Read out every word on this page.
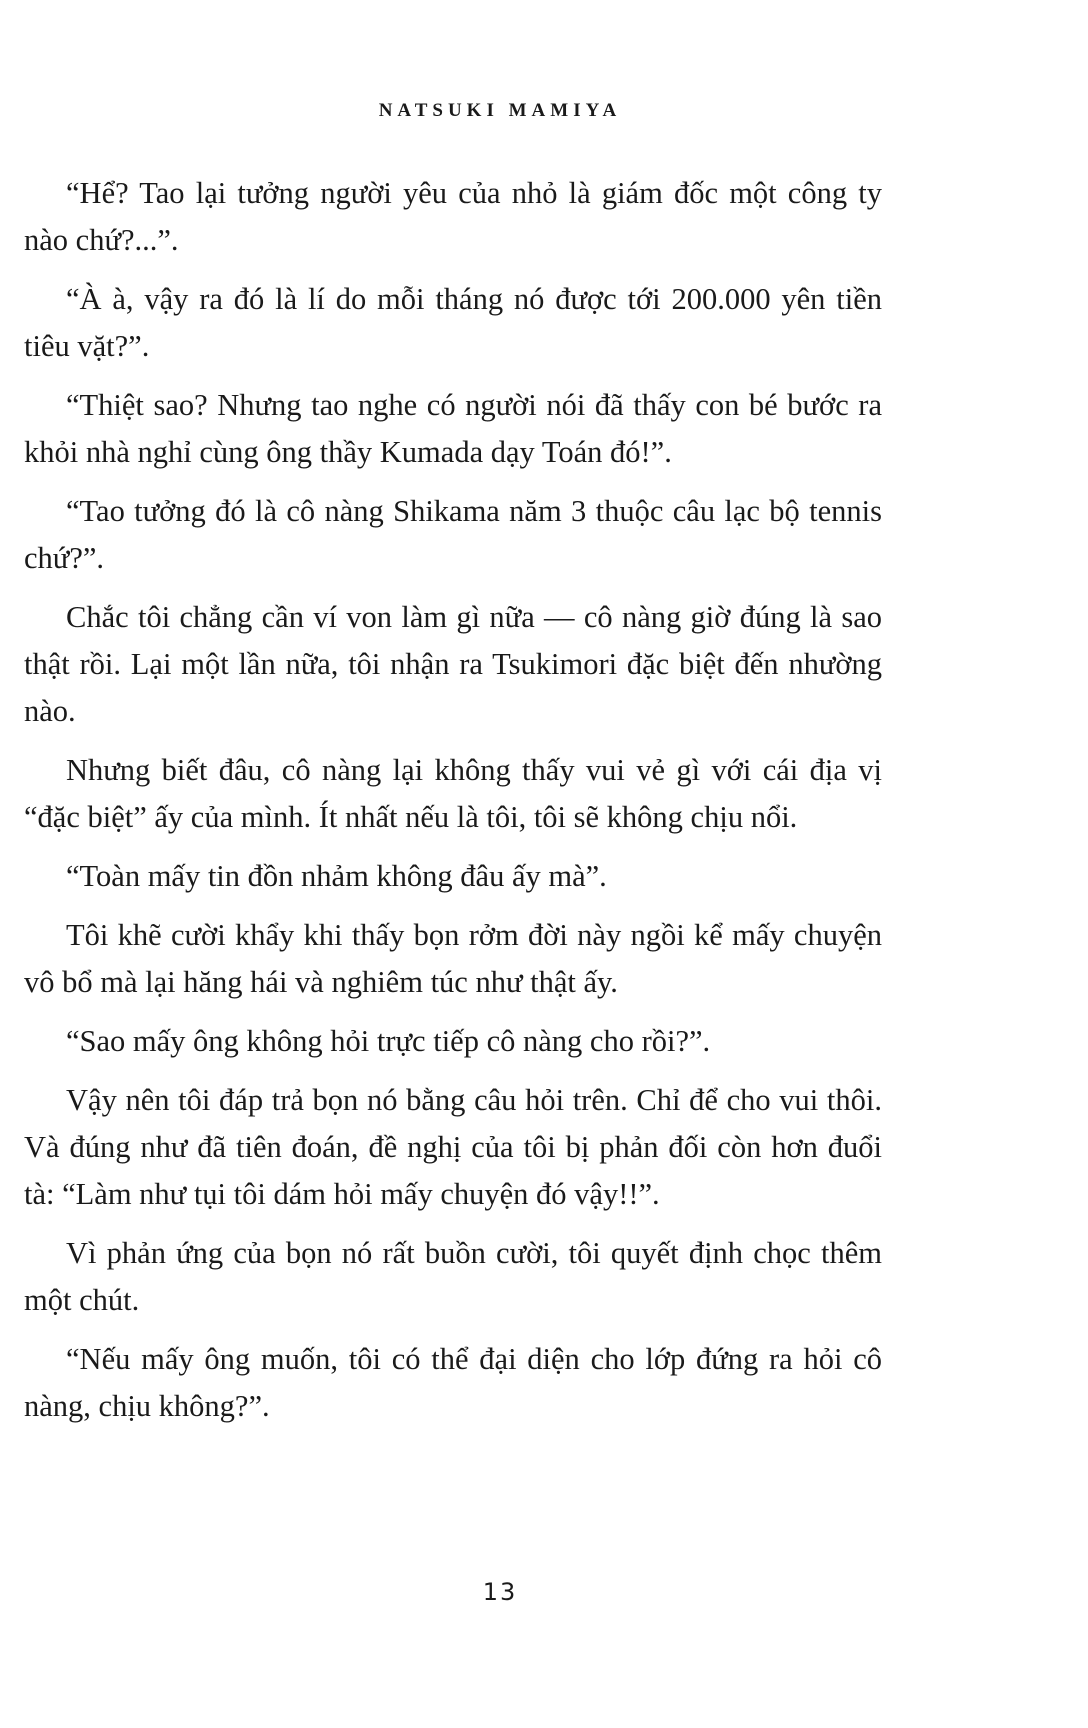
NATSUKI MAMIYA

“Hể? Tao lại tưởng người yêu của nhỏ là giám đốc một công ty nào chứ?...”.

“À à, vậy ra đó là lí do mỗi tháng nó được tới 200.000 yên tiền tiêu vặt?”.

“Thiệt sao? Nhưng tao nghe có người nói đã thấy con bé bước ra khỏi nhà nghỉ cùng ông thầy Kumada dạy Toán đó!”.

“Tao tưởng đó là cô nàng Shikama năm 3 thuộc câu lạc bộ tennis chứ?”.

Chắc tôi chẳng cần ví von làm gì nữa — cô nàng giờ đúng là sao thật rồi. Lại một lần nữa, tôi nhận ra Tsukimori đặc biệt đến nhường nào.

Nhưng biết đâu, cô nàng lại không thấy vui vẻ gì với cái địa vị “đặc biệt” ấy của mình. Ít nhất nếu là tôi, tôi sẽ không chịu nổi.

“Toàn mấy tin đồn nhảm không đâu ấy mà”.

Tôi khẽ cười khẩy khi thấy bọn rởm đời này ngồi kể mấy chuyện vô bổ mà lại hăng hái và nghiêm túc như thật ấy.

“Sao mấy ông không hỏi trực tiếp cô nàng cho rồi?”.

Vậy nên tôi đáp trả bọn nó bằng câu hỏi trên. Chỉ để cho vui thôi. Và đúng như đã tiên đoán, đề nghị của tôi bị phản đối còn hơn đuổi tà: “Làm như tụi tôi dám hỏi mấy chuyện đó vậy!!”.

Vì phản ứng của bọn nó rất buồn cười, tôi quyết định chọc thêm một chút.

“Nếu mấy ông muốn, tôi có thể đại diện cho lớp đứng ra hỏi cô nàng, chịu không?”.

13
